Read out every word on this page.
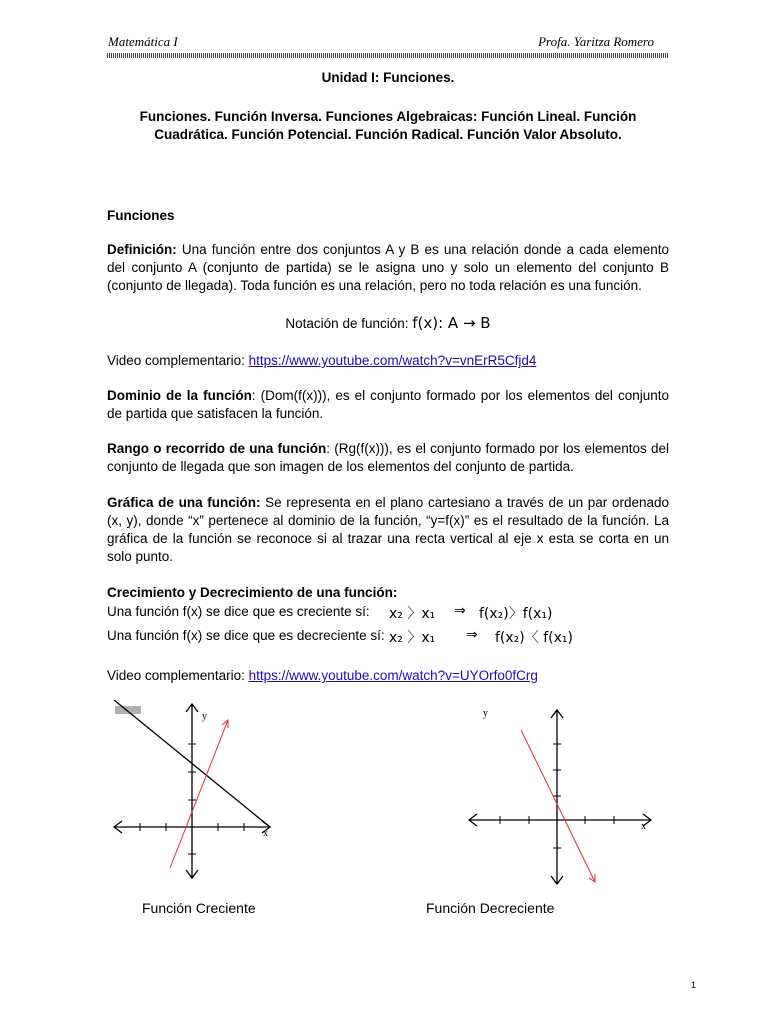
Matemática I	Profa. Yaritza Romero
Unidad I: Funciones.
Funciones. Función Inversa. Funciones Algebraicas: Función Lineal. Función Cuadrática. Función Potencial. Función Radical. Función Valor Absoluto.
Funciones
Definición: Una función entre dos conjuntos A y B es una relación donde a cada elemento del conjunto A (conjunto de partida) se le asigna uno y solo un elemento del conjunto B (conjunto de llegada). Toda función es una relación, pero no toda relación es una función.
Notación de función: f(x): A → B
Video complementario: https://www.youtube.com/watch?v=vnErR5Cfjd4
Dominio de la función: (Dom(f(x))), es el conjunto formado por los elementos del conjunto de partida que satisfacen la función.
Rango o recorrido de una función: (Rg(f(x))), es el conjunto formado por los elementos del conjunto de llegada que son imagen de los elementos del conjunto de partida.
Gráfica de una función: Se representa en el plano cartesiano a través de un par ordenado (x, y), donde “x” pertenece al dominio de la función, “y=f(x)” es el resultado de la función. La gráfica de la función se reconoce si al trazar una recta vertical al eje x esta se corta en un solo punto.
Crecimiento y Decrecimiento de una función:
Una función f(x) se dice que es creciente sí: x₂ 〉x₁ ⇒ f(x₂)〉f(x₁)
Una función f(x) se dice que es decreciente sí: x₂ 〉x₁ ⇒ f(x₂)〈 f(x₁)
Video complementario: https://www.youtube.com/watch?v=UYOrfo0fCrg
y
x
y
x
Función Creciente	Función Decreciente
1
